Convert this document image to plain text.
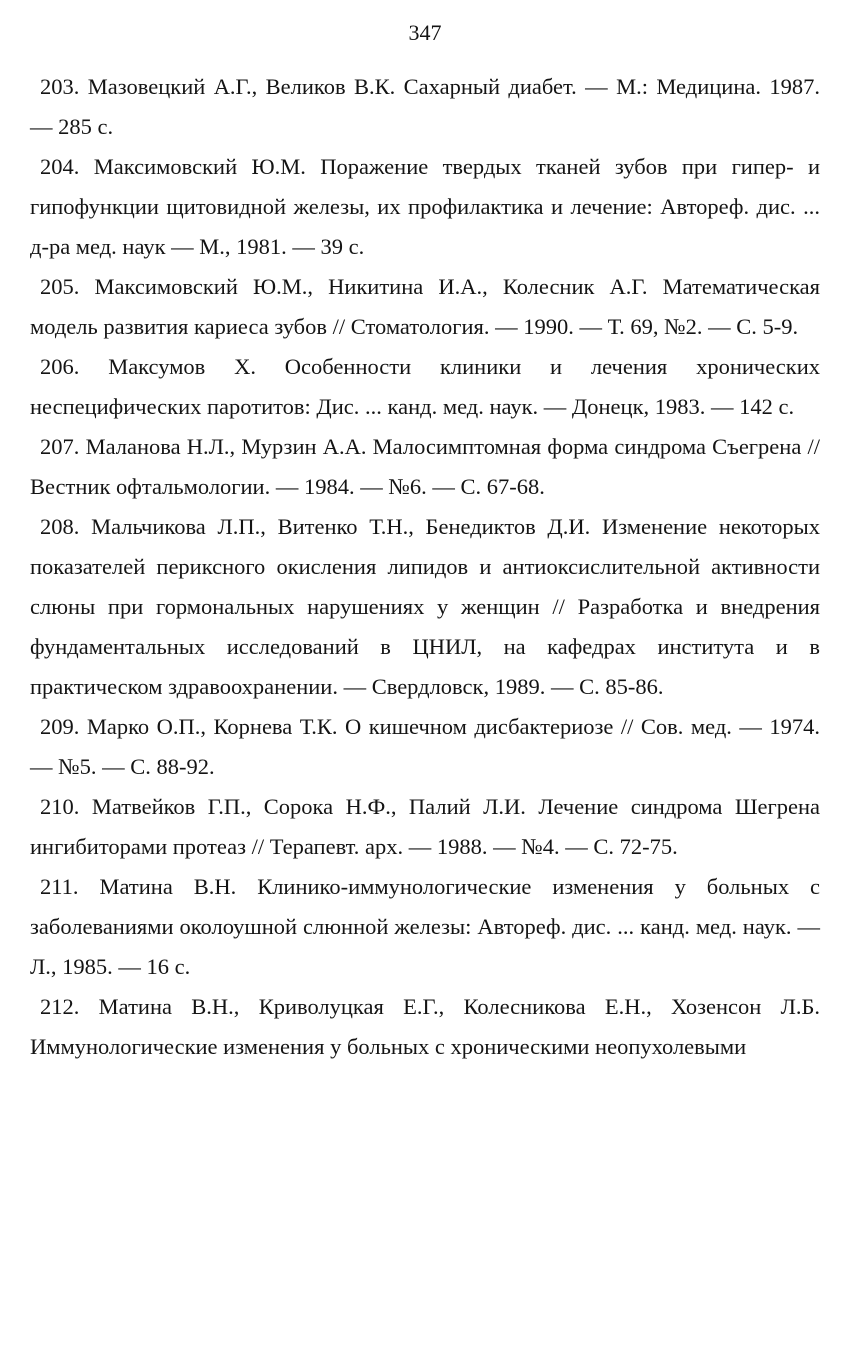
347

203. Мазовецкий А.Г., Великов В.К. Сахарный диабет. — М.: Медицина. 1987. — 285 с.

204. Максимовский Ю.М. Поражение твердых тканей зубов при гипер- и гипофункции щитовидной железы, их профилактика и лечение: Автореф. дис. ... д-ра мед. наук — М., 1981. — 39 с.

205. Максимовский Ю.М., Никитина И.А., Колесник А.Г. Математическая модель развития кариеса зубов // Стоматология. — 1990. — Т. 69, №2. — С. 5-9.

206. Максумов X. Особенности клиники и лечения хронических неспецифических паротитов: Дис. ... канд. мед. наук. — Донецк, 1983. — 142 с.

207. Маланова Н.Л., Мурзин А.А. Малосимптомная форма синдрома Съегрена // Вестник офтальмологии. — 1984. — №6. — С. 67-68.

208. Мальчикова Л.П., Витенко Т.Н., Бенедиктов Д.И. Изменение некоторых показателей периксного окисления липидов и антиоксислительной активности слюны при гормональных нарушениях у женщин // Разработка и внедрения фундаментальных исследований в ЦНИЛ, на кафедрах института и в практическом здравоохранении. — Свердловск, 1989. — С. 85-86.

209. Марко О.П., Корнева Т.К. О кишечном дисбактериозе // Сов. мед. — 1974. — №5. — С. 88-92.

210. Матвейков Г.П., Сорока Н.Ф., Палий Л.И. Лечение синдрома Шегрена ингибиторами протеаз // Терапевт. арх. — 1988. — №4. — С. 72-75.

211. Матина В.Н. Клинико-иммунологические изменения у больных с заболеваниями околоушной слюнной железы: Автореф. дис. ... канд. мед. наук. — Л., 1985. — 16 с.

212. Матина В.Н., Криволуцкая Е.Г., Колесникова Е.Н., Хозенсон Л.Б. Иммунологические изменения у больных с хроническими неопухолевыми
